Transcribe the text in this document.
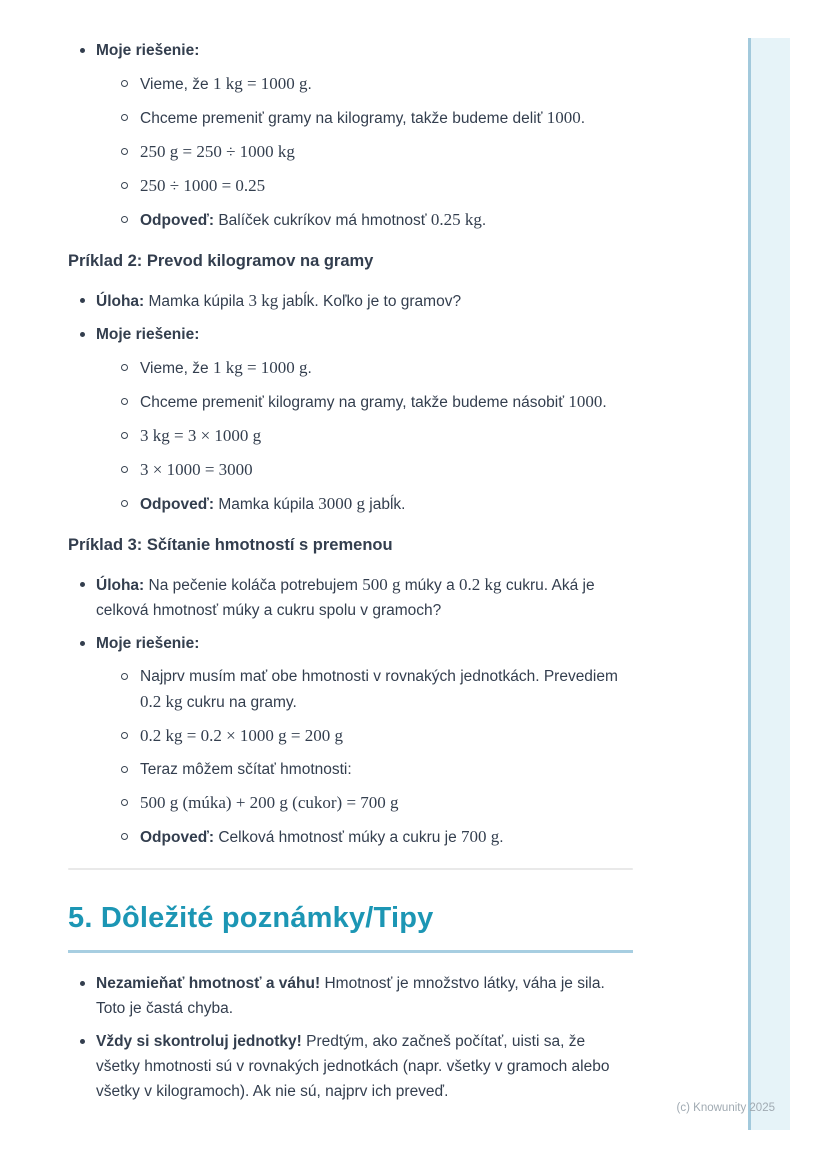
Moje riešenie:
Vieme, že 1 kg = 1000 g.
Chceme premeniť gramy na kilogramy, takže budeme deliť 1000.
250 g = 250 ÷ 1000 kg
250 ÷ 1000 = 0.25
Odpoveď: Balíček cukríkov má hmotnosť 0.25 kg.
Príklad 2: Prevod kilogramov na gramy
Úloha: Mamka kúpila 3 kg jabĺk. Koľko je to gramov?
Moje riešenie:
Vieme, že 1 kg = 1000 g.
Chceme premeniť kilogramy na gramy, takže budeme násobiť 1000.
3 kg = 3 × 1000 g
3 × 1000 = 3000
Odpoveď: Mamka kúpila 3000 g jabĺk.
Príklad 3: Sčítanie hmotností s premenou
Úloha: Na pečenie koláča potrebujem 500 g múky a 0.2 kg cukru. Aká je celková hmotnosť múky a cukru spolu v gramoch?
Moje riešenie:
Najprv musím mať obe hmotnosti v rovnakých jednotkách. Prevediem 0.2 kg cukru na gramy.
0.2 kg = 0.2 × 1000 g = 200 g
Teraz môžem sčítať hmotnosti:
500 g (múka) + 200 g (cukor) = 700 g
Odpoveď: Celková hmotnosť múky a cukru je 700 g.
5. Dôležité poznámky/Tipy
Nezamieňať hmotnosť a váhu! Hmotnosť je množstvo látky, váha je sila. Toto je častá chyba.
Vždy si skontroluj jednotky! Predtým, ako začneš počítať, uisti sa, že všetky hmotnosti sú v rovnakých jednotkách (napr. všetky v gramoch alebo všetky v kilogramoch). Ak nie sú, najprv ich preveď.
(c) Knowunity 2025
